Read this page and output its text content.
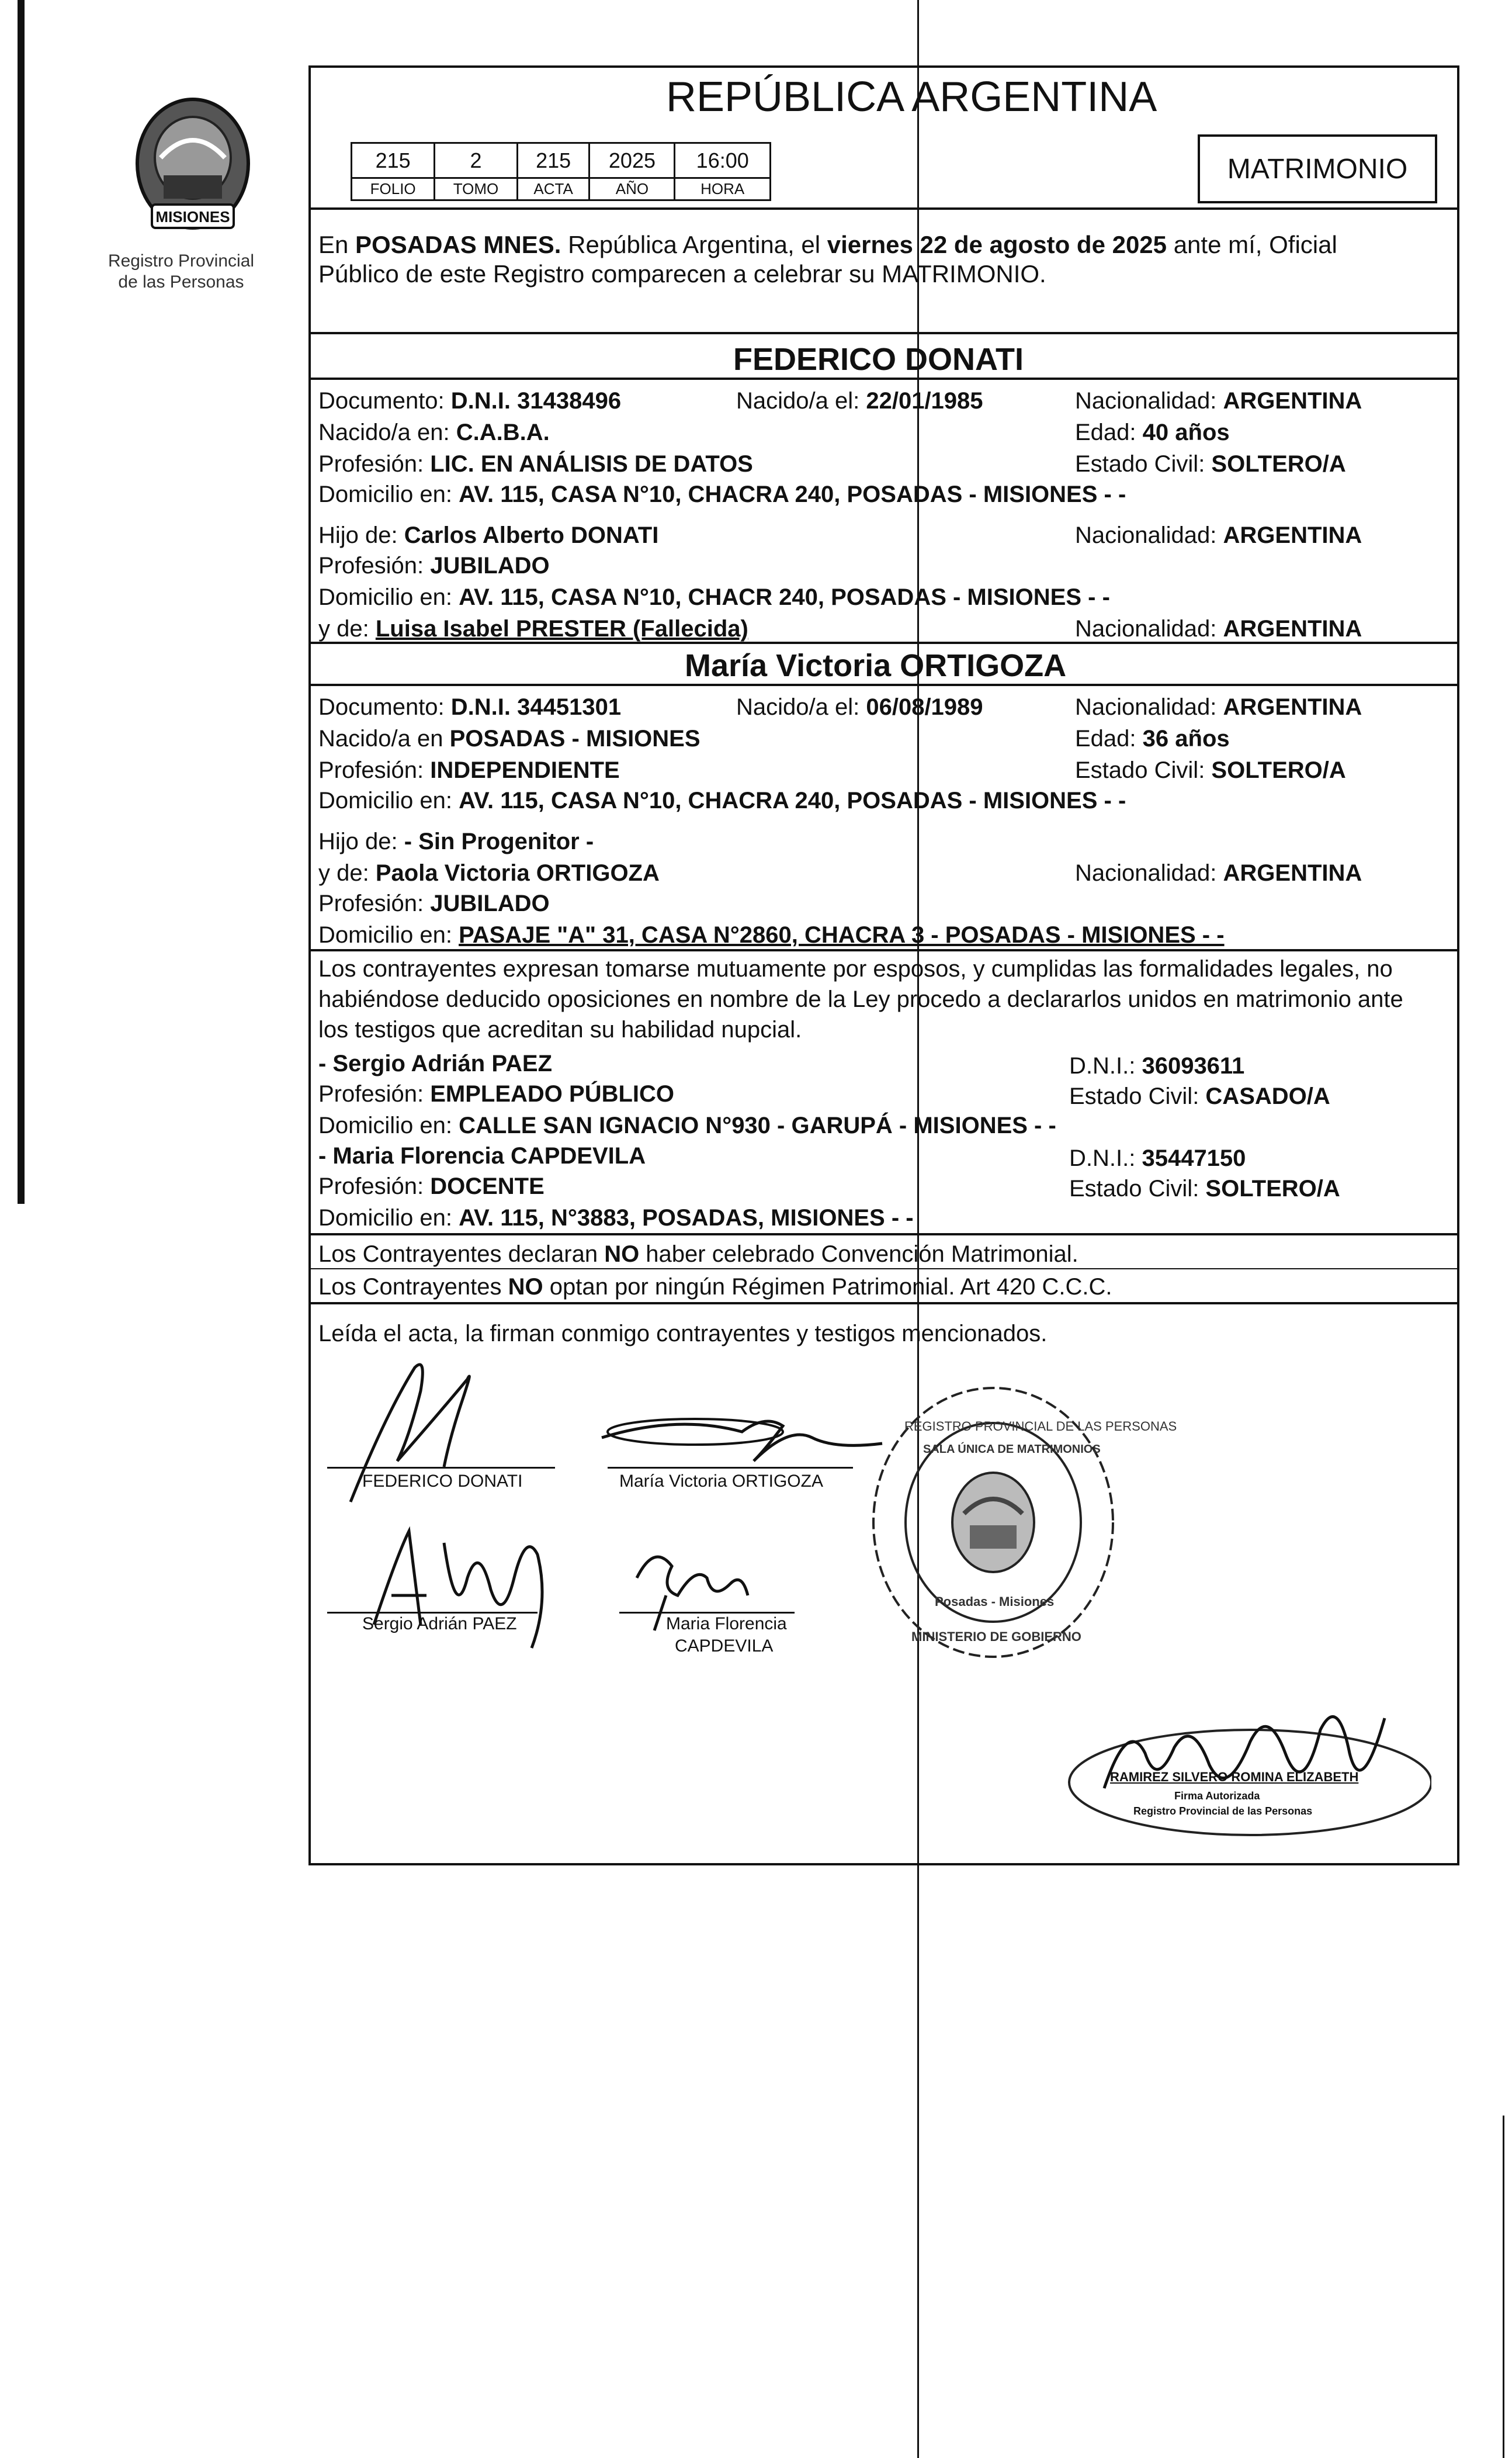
MISIONES
Registro Provincial
de las Personas
REPÚBLICA ARGENTINA
215	2	215	2025	16:00
FOLIO	TOMO	ACTA	AÑO	HORA
MATRIMONIO
En POSADAS MNES. República Argentina, el viernes 22 de agosto de 2025 ante mí, Oficial
Público de este Registro comparecen a celebrar su MATRIMONIO.
FEDERICO DONATI
Documento: D.N.I. 31438496	Nacido/a el: 22/01/1985	Nacionalidad: ARGENTINA
Nacido/a en: C.A.B.A.	Edad: 40 años
Profesión: LIC. EN ANÁLISIS DE DATOS	Estado Civil: SOLTERO/A
Domicilio en: AV. 115, CASA N°10, CHACRA 240, POSADAS - MISIONES - -
Hijo de: Carlos Alberto DONATI	Nacionalidad: ARGENTINA
Profesión: JUBILADO
Domicilio en: AV. 115, CASA N°10, CHACR 240, POSADAS - MISIONES - -
y de: Luisa Isabel PRESTER (Fallecida)	Nacionalidad: ARGENTINA
María Victoria ORTIGOZA
Documento: D.N.I. 34451301	Nacido/a el: 06/08/1989	Nacionalidad: ARGENTINA
Nacido/a en POSADAS - MISIONES	Edad: 36 años
Profesión: INDEPENDIENTE	Estado Civil: SOLTERO/A
Domicilio en: AV. 115, CASA N°10, CHACRA 240, POSADAS - MISIONES - -
Hijo de: - Sin Progenitor -
y de: Paola Victoria ORTIGOZA	Nacionalidad: ARGENTINA
Profesión: JUBILADO
Domicilio en: PASAJE "A" 31, CASA N°2860, CHACRA 3 - POSADAS - MISIONES - -
Los contrayentes expresan tomarse mutuamente por esposos, y cumplidas las formalidades legales, no
habiéndose deducido oposiciones en nombre de la Ley procedo a declararlos unidos en matrimonio ante
los testigos que acreditan su habilidad nupcial.
- Sergio Adrián PAEZ	D.N.I.: 36093611
Profesión: EMPLEADO PÚBLICO	Estado Civil: CASADO/A
Domicilio en: CALLE SAN IGNACIO N°930 - GARUPÁ - MISIONES - -
- Maria Florencia CAPDEVILA	D.N.I.: 35447150
Profesión: DOCENTE	Estado Civil: SOLTERO/A
Domicilio en: AV. 115, N°3883, POSADAS, MISIONES - -
Los Contrayentes declaran NO haber celebrado Convención Matrimonial.
Los Contrayentes NO optan por ningún Régimen Patrimonial. Art 420 C.C.C.
Leída el acta, la firman conmigo contrayentes y testigos mencionados.
FEDERICO DONATI	María Victoria ORTIGOZA
Sergio Adrián PAEZ	Maria Florencia
CAPDEVILA
REGISTRO PROVINCIAL DE LAS PERSONAS
SALA ÚNICA DE MATRIMONIOS
Posadas - Misiones
MINISTERIO DE GOBIERNO
RAMIREZ SILVERO ROMINA ELIZABETH
Firma Autorizada
Registro Provincial de las Personas
